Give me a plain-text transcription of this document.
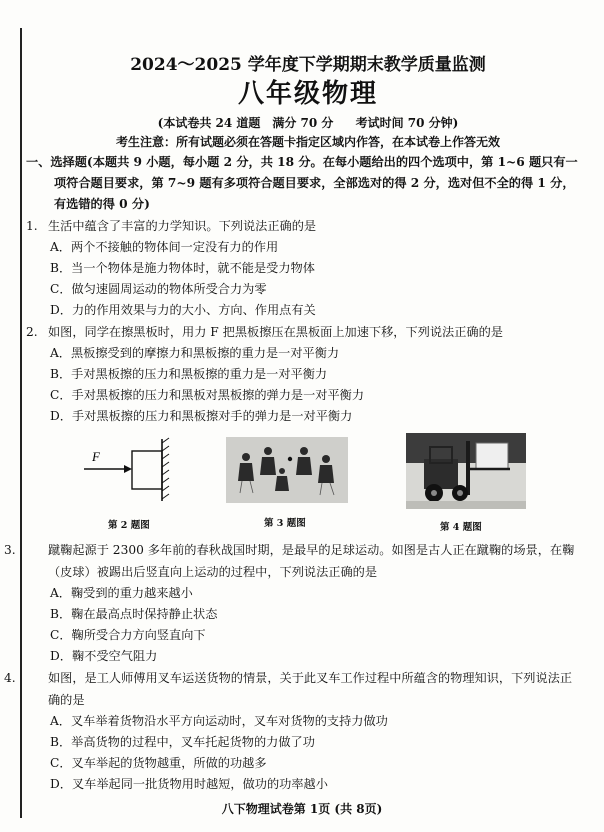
2024～2025 学年度下学期期末教学质量监测
八年级物理
(本试卷共 24 道题　满分 70 分 考试时间 70 分钟)
考生注意：所有试题必须在答题卡指定区域内作答，在本试卷上作答无效
一、选择题(本题共 9 小题，每小题 2 分，共 18 分。在每小题给出的四个选项中，第 1~6 题只有一项符合题目要求，第 7~9 题有多项符合题目要求，全部选对的得 2 分，选对但不全的得 1 分，有选错的得 0 分)
1. 生活中蕴含了丰富的力学知识。下列说法正确的是
A．两个不接触的物体间一定没有力的作用
B．当一个物体是施力物体时，就不能是受力物体
C．做匀速圆周运动的物体所受合力为零
D．力的作用效果与力的大小、方向、作用点有关
2. 如图，同学在擦黑板时，用力 F 把黑板擦压在黑板面上加速下移，下列说法正确的是
A．黑板擦受到的摩擦力和黑板擦的重力是一对平衡力
B．手对黑板擦的压力和黑板擦的重力是一对平衡力
C．手对黑板擦的压力和黑板对黑板擦的弹力是一对平衡力
D．手对黑板擦的压力和黑板擦对手的弹力是一对平衡力
F
第 2 题图	第 3 题图	第 4 题图
3.	蹴鞠起源于 2300 多年前的春秋战国时期，是最早的足球运动。如图是古人正在蹴鞠的场景，在鞠（皮球）被踢出后竖直向上运动的过程中，下列说法正确的是
A．鞠受到的重力越来越小
B．鞠在最高点时保持静止状态
C．鞠所受合力方向竖直向下
D．鞠不受空气阻力
4.	如图，是工人师傅用叉车运送货物的情景，关于此叉车工作过程中所蕴含的物理知识，下列说法正确的是
A．叉车举着货物沿水平方向运动时，叉车对货物的支持力做功
B．举高货物的过程中，叉车托起货物的力做了功
C．叉车举起的货物越重，所做的功越多
D．叉车举起同一批货物用时越短，做功的功率越小
八下物理试卷第 1页 (共 8页)
